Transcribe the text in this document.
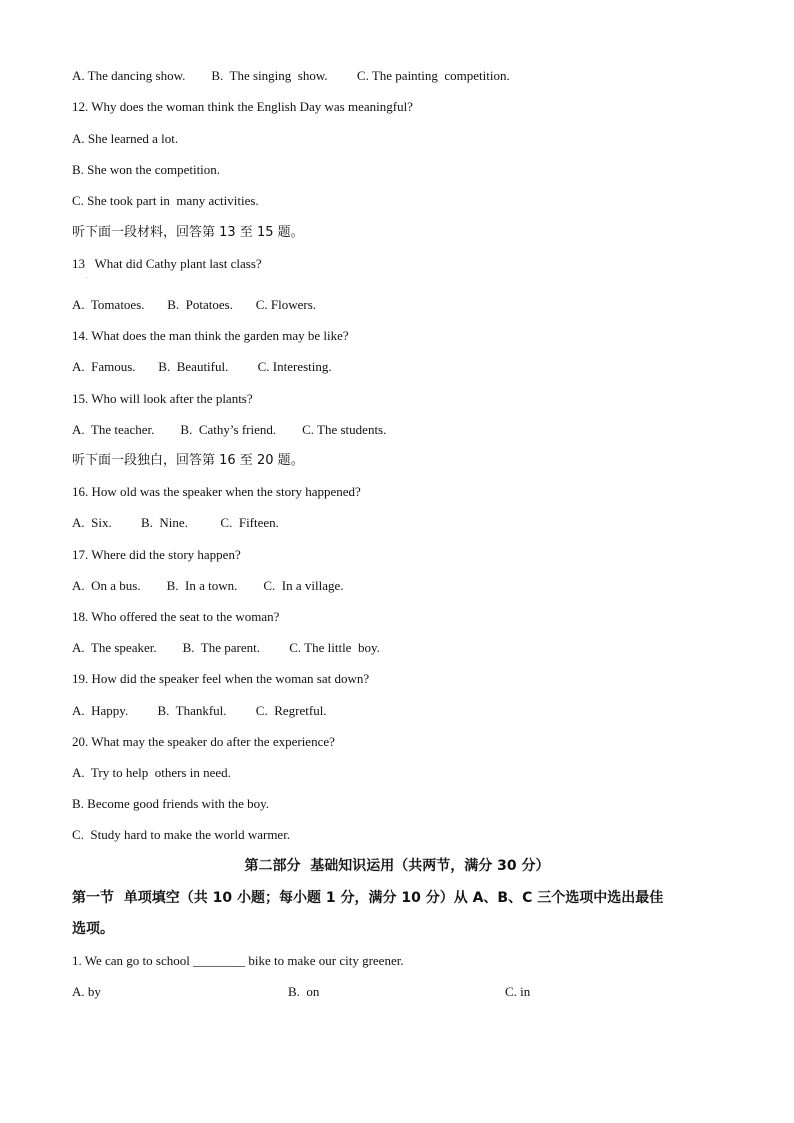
A. The dancing show.        B.  The singing  show.         C. The painting  competition.
12. Why does the woman think the English Day was meaningful?
A. She learned a lot.
B. She won the competition.
C. She took part in  many activities.
听下面一段材料，回答第 13 至 15 题。
13   What did Cathy plant last class?
.
A.  Tomatoes.       B.  Potatoes.       C. Flowers.
14. What does the man think the garden may be like?
A.  Famous.       B.  Beautiful.         C. Interesting.
15. Who will look after the plants?
A.  The teacher.        B.  Cathy’s friend.        C. The students.
听下面一段独白，回答第 16 至 20 题。
16. How old was the speaker when the story happened?
A.  Six.         B.  Nine.          C.  Fifteen.
17. Where did the story happen?
A.  On a bus.        B.  In a town.        C.  In a village.
18. Who offered the seat to the woman?
A.  The speaker.        B.  The parent.         C. The little  boy.
19. How did the speaker feel when the woman sat down?
A.  Happy.         B.  Thankful.         C.  Regretful.
20. What may the speaker do after the experience?
A.  Try to help  others in need.
B. Become good friends with the boy.
C.  Study hard to make the world warmer.
第二部分  基础知识运用（共两节，满分 30 分）
第一节  单项填空（共 10 小题；每小题 1 分，满分 10 分）从 A、B、C 三个选项中选出最佳
选项。
1. We can go to school ________ bike to make our city greener.
A. by	B.  on	C. in
